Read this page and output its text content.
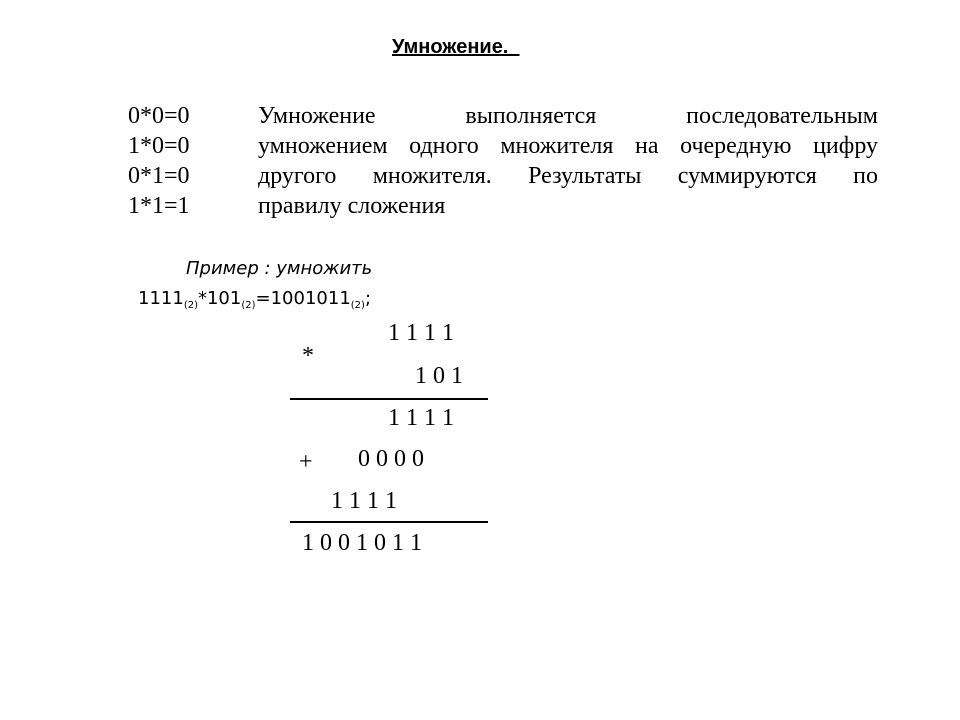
Умножение.
0*0=0
1*0=0
0*1=0
1*1=1
Умножение	выполняется	последовательным
умножением одного множителя на очередную цифру
другого множителя. Результаты суммируются по
правилу сложения
Пример : умножить
$1111_{(2)}*101_{(2)}=1001011_{(2)}$;
1 1 1 1
*
1 0 1
1 1 1 1
+ 0 0 0 0
1 1 1 1
1 0 0 1 0 1 1
